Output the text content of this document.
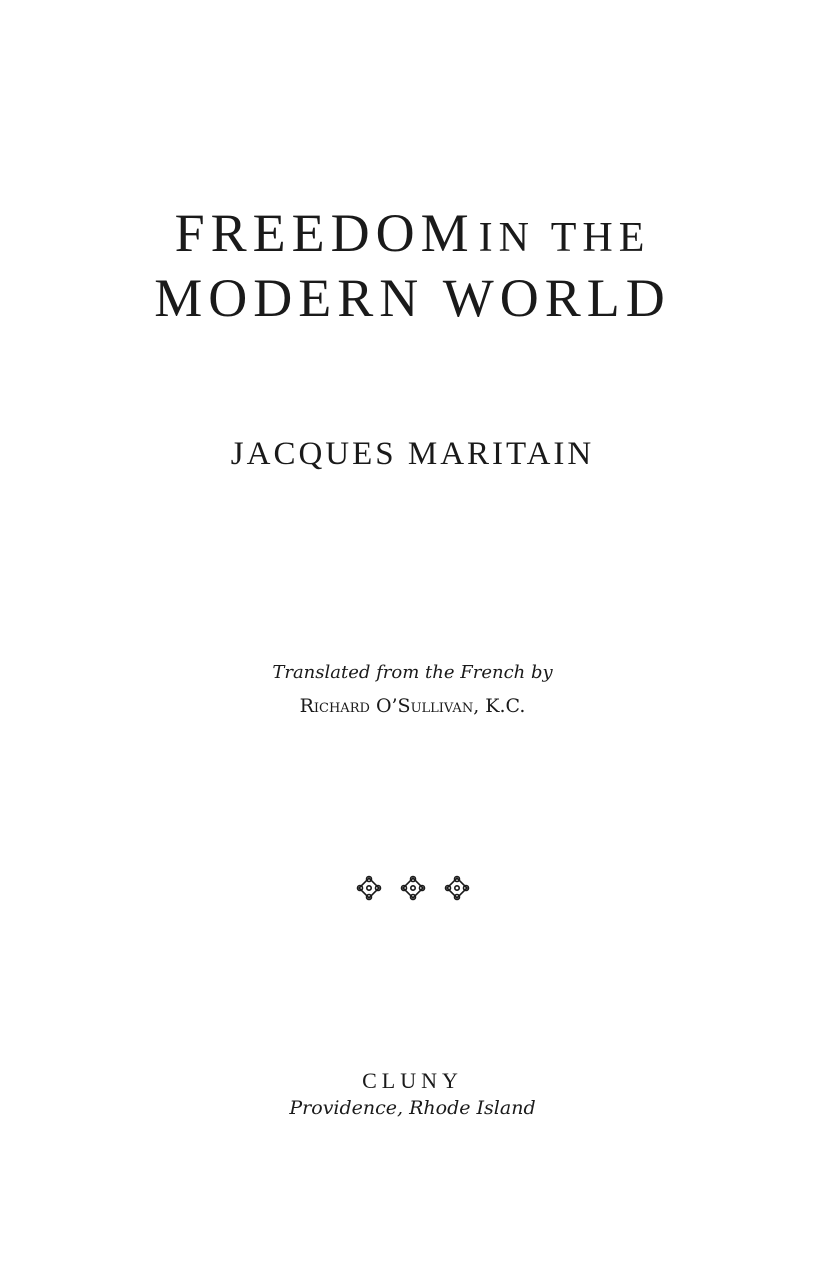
FREEDOM IN THE
MODERN WORLD
JACQUES MARITAIN
Translated from the French by
Richard O’Sullivan, K.C.
CLUNY
Providence, Rhode Island
